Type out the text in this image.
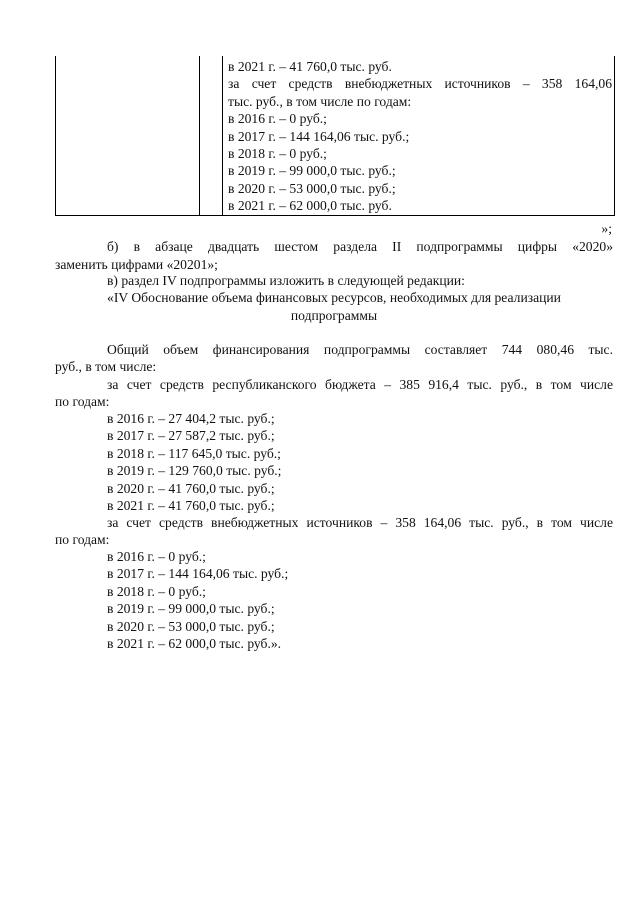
в 2021 г. – 41 760,0 тыс. руб.
за счет средств внебюджетных источников – 358 164,06
тыс. руб., в том числе по годам:
в 2016 г. – 0 руб.;
в 2017 г. – 144 164,06 тыс. руб.;
в 2018 г. – 0 руб.;
в 2019 г. – 99 000,0 тыс. руб.;
в 2020 г. – 53 000,0 тыс. руб.;
в 2021 г. – 62 000,0 тыс. руб.
»;
б) в абзаце двадцать шестом раздела II подпрограммы цифры «2020»
заменить цифрами «20201»;
в) раздел IV подпрограммы изложить в следующей редакции:
«IV Обоснование объема финансовых ресурсов, необходимых для реализации
подпрограммы
Общий объем финансирования подпрограммы составляет 744 080,46 тыс.
руб., в том числе:
за счет средств республиканского бюджета – 385 916,4 тыс. руб., в том числе
по годам:
в 2016 г. – 27 404,2 тыс. руб.;
в 2017 г. – 27 587,2 тыс. руб.;
в 2018 г. – 117 645,0 тыс. руб.;
в 2019 г. – 129 760,0 тыс. руб.;
в 2020 г. – 41 760,0 тыс. руб.;
в 2021 г. – 41 760,0 тыс. руб.;
за счет средств внебюджетных источников – 358 164,06 тыс. руб., в том числе
по годам:
в 2016 г. – 0 руб.;
в 2017 г. – 144 164,06 тыс. руб.;
в 2018 г. – 0 руб.;
в 2019 г. – 99 000,0 тыс. руб.;
в 2020 г. – 53 000,0 тыс. руб.;
в 2021 г. – 62 000,0 тыс. руб.».
